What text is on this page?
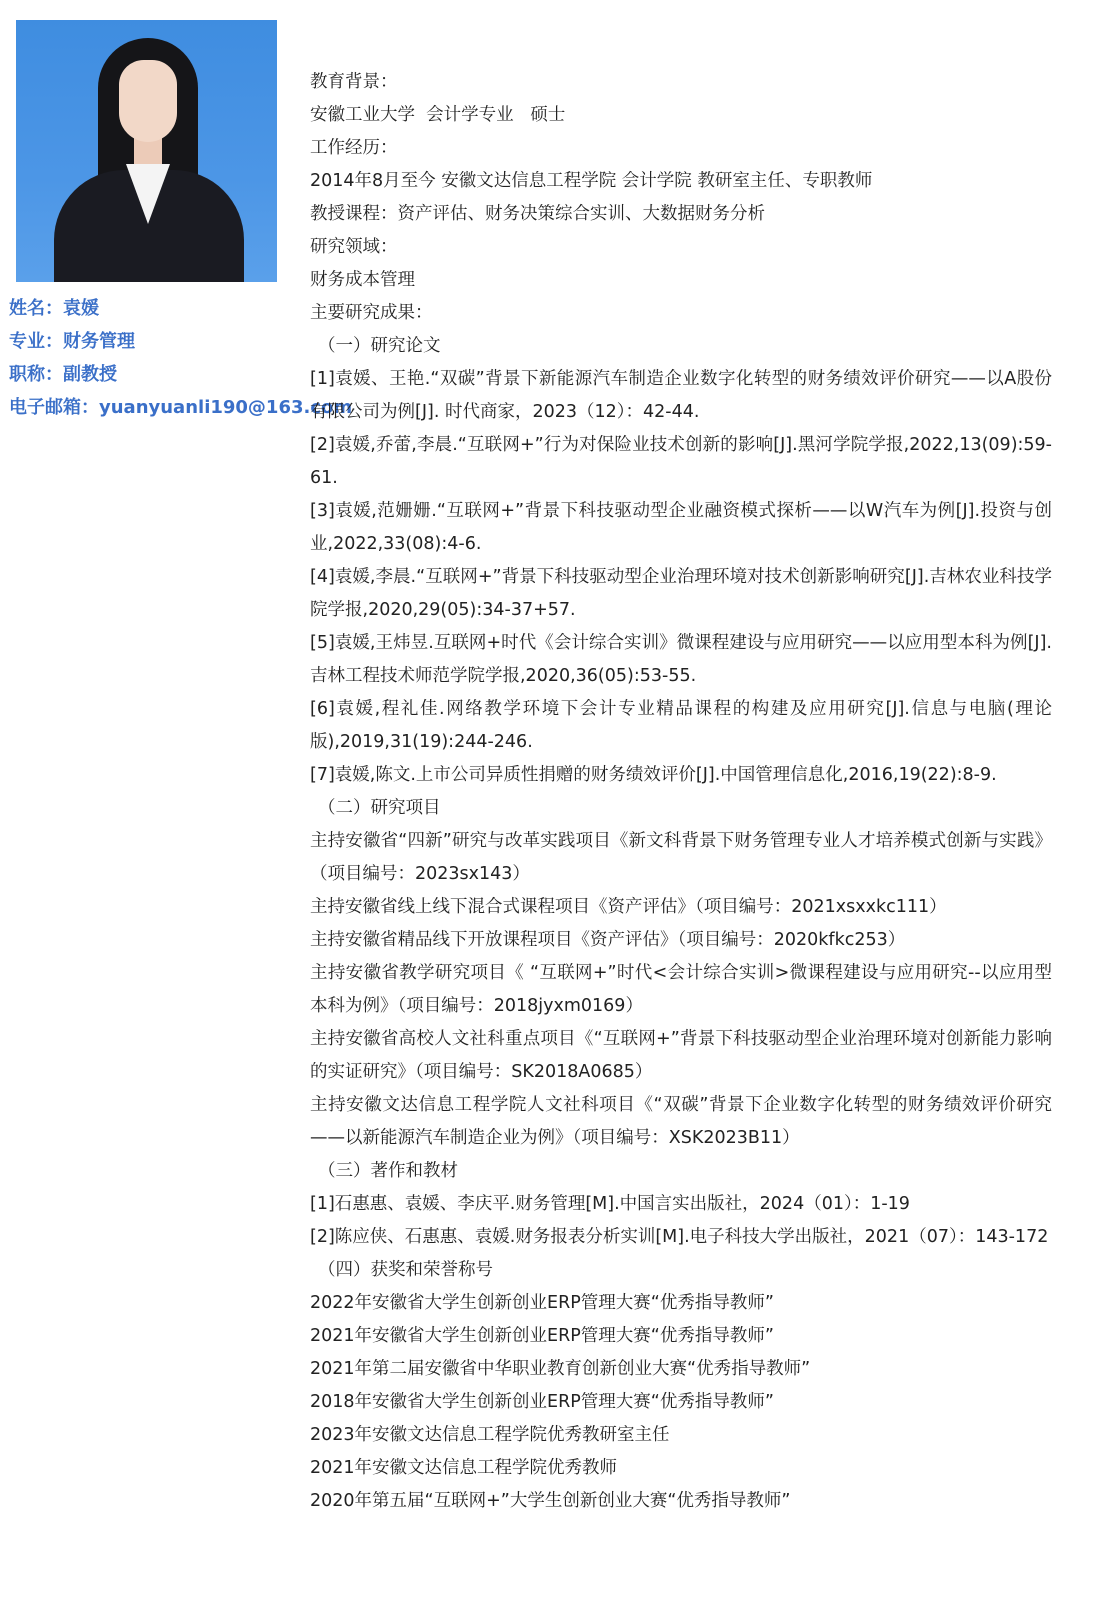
姓名：袁媛
专业：财务管理
职称：副教授
电子邮箱：yuanyuanli190@163.com

教育背景：

安徽工业大学  会计学专业   硕士

工作经历：

2014年8月至今 安徽文达信息工程学院 会计学院 教研室主任、专职教师

教授课程：资产评估、财务决策综合实训、大数据财务分析

研究领域：

财务成本管理

主要研究成果：

（一）研究论文

[1]袁媛、王艳.“双碳”背景下新能源汽车制造企业数字化转型的财务绩效评价研究——以A股份有限公司为例[J]. 时代商家，2023（12）：42-44.

[2]袁媛,乔蕾,李晨.“互联网+”行为对保险业技术创新的影响[J].黑河学院学报,2022,13(09):59-61.

[3]袁媛,范姗姗.“互联网+”背景下科技驱动型企业融资模式探析——以W汽车为例[J].投资与创业,2022,33(08):4-6.

[4]袁媛,李晨.“互联网+”背景下科技驱动型企业治理环境对技术创新影响研究[J].吉林农业科技学院学报,2020,29(05):34-37+57.

[5]袁媛,王炜昱.互联网+时代《会计综合实训》微课程建设与应用研究——以应用型本科为例[J].吉林工程技术师范学院学报,2020,36(05):53-55.

[6]袁媛,程礼佳.网络教学环境下会计专业精品课程的构建及应用研究[J].信息与电脑(理论版),2019,31(19):244-246.

[7]袁媛,陈文.上市公司异质性捐赠的财务绩效评价[J].中国管理信息化,2016,19(22):8-9.

（二）研究项目

主持安徽省“四新”研究与改革实践项目《新文科背景下财务管理专业人才培养模式创新与实践》（项目编号：2023sx143）

主持安徽省线上线下混合式课程项目《资产评估》（项目编号：2021xsxxkc111）

主持安徽省精品线下开放课程项目《资产评估》（项目编号：2020kfkc253）

主持安徽省教学研究项目《 “互联网+”时代<会计综合实训>微课程建设与应用研究--以应用型本科为例》（项目编号：2018jyxm0169）

主持安徽省高校人文社科重点项目《“互联网+”背景下科技驱动型企业治理环境对创新能力影响的实证研究》（项目编号：SK2018A0685）

主持安徽文达信息工程学院人文社科项目《“双碳”背景下企业数字化转型的财务绩效评价研究——以新能源汽车制造企业为例》（项目编号：XSK2023B11）

（三）著作和教材

[1]石惠惠、袁媛、李庆平.财务管理[M].中国言实出版社，2024（01）：1-19

[2]陈应侠、石惠惠、袁媛.财务报表分析实训[M].电子科技大学出版社，2021（07）：143-172

（四）获奖和荣誉称号

2022年安徽省大学生创新创业ERP管理大赛“优秀指导教师”

2021年安徽省大学生创新创业ERP管理大赛“优秀指导教师”

2021年第二届安徽省中华职业教育创新创业大赛“优秀指导教师”

2018年安徽省大学生创新创业ERP管理大赛“优秀指导教师”

2023年安徽文达信息工程学院优秀教研室主任

2021年安徽文达信息工程学院优秀教师

2020年第五届“互联网+”大学生创新创业大赛“优秀指导教师”
